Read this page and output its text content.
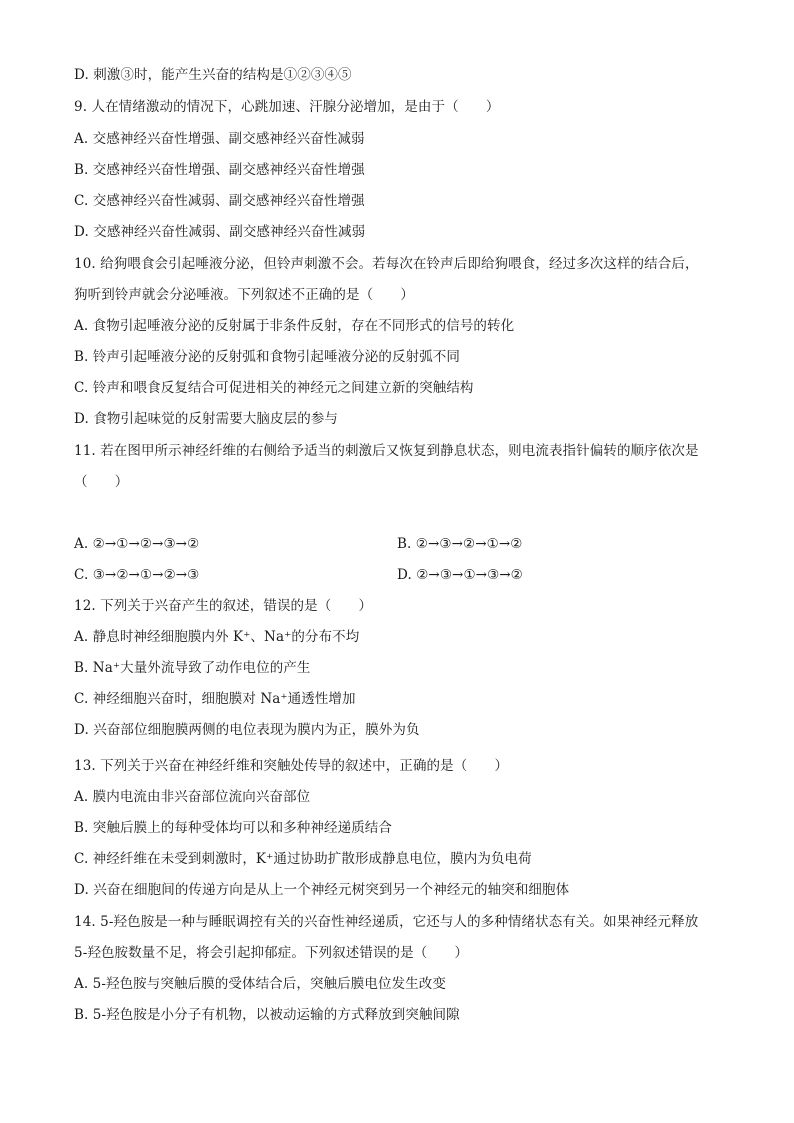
D. 刺激③时，能产生兴奋的结构是①②③④⑤
9. 人在情绪激动的情况下，心跳加速、汗腺分泌增加，是由于（　　）
A. 交感神经兴奋性增强、副交感神经兴奋性减弱
B. 交感神经兴奋性增强、副交感神经兴奋性增强
C. 交感神经兴奋性减弱、副交感神经兴奋性增强
D. 交感神经兴奋性减弱、副交感神经兴奋性减弱
10. 给狗喂食会引起唾液分泌，但铃声刺激不会。若每次在铃声后即给狗喂食，经过多次这样的结合后，
狗听到铃声就会分泌唾液。下列叙述不正确的是（　　）
A. 食物引起唾液分泌的反射属于非条件反射，存在不同形式的信号的转化
B. 铃声引起唾液分泌的反射弧和食物引起唾液分泌的反射弧不同
C. 铃声和喂食反复结合可促进相关的神经元之间建立新的突触结构
D. 食物引起味觉的反射需要大脑皮层的参与
11. 若在图甲所示神经纤维的右侧给予适当的刺激后又恢复到静息状态，则电流表指针偏转的顺序依次是
（　　）
A. ②→①→②→③→②	B. ②→③→②→①→②
C. ③→②→①→②→③	D. ②→③→①→③→②
12. 下列关于兴奋产生的叙述，错误的是（　　）
A. 静息时神经细胞膜内外 K⁺、Na⁺的分布不均
B. Na⁺大量外流导致了动作电位的产生
C. 神经细胞兴奋时，细胞膜对 Na⁺通透性增加
D. 兴奋部位细胞膜两侧的电位表现为膜内为正，膜外为负
13. 下列关于兴奋在神经纤维和突触处传导的叙述中，正确的是（　　）
A. 膜内电流由非兴奋部位流向兴奋部位
B. 突触后膜上的每种受体均可以和多种神经递质结合
C. 神经纤维在未受到刺激时，K⁺通过协助扩散形成静息电位，膜内为负电荷
D. 兴奋在细胞间的传递方向是从上一个神经元树突到另一个神经元的轴突和细胞体
14. 5-羟色胺是一种与睡眠调控有关的兴奋性神经递质，它还与人的多种情绪状态有关。如果神经元释放
5-羟色胺数量不足，将会引起抑郁症。下列叙述错误的是（　　）
A. 5-羟色胺与突触后膜的受体结合后，突触后膜电位发生改变
B. 5-羟色胺是小分子有机物，以被动运输的方式释放到突触间隙
